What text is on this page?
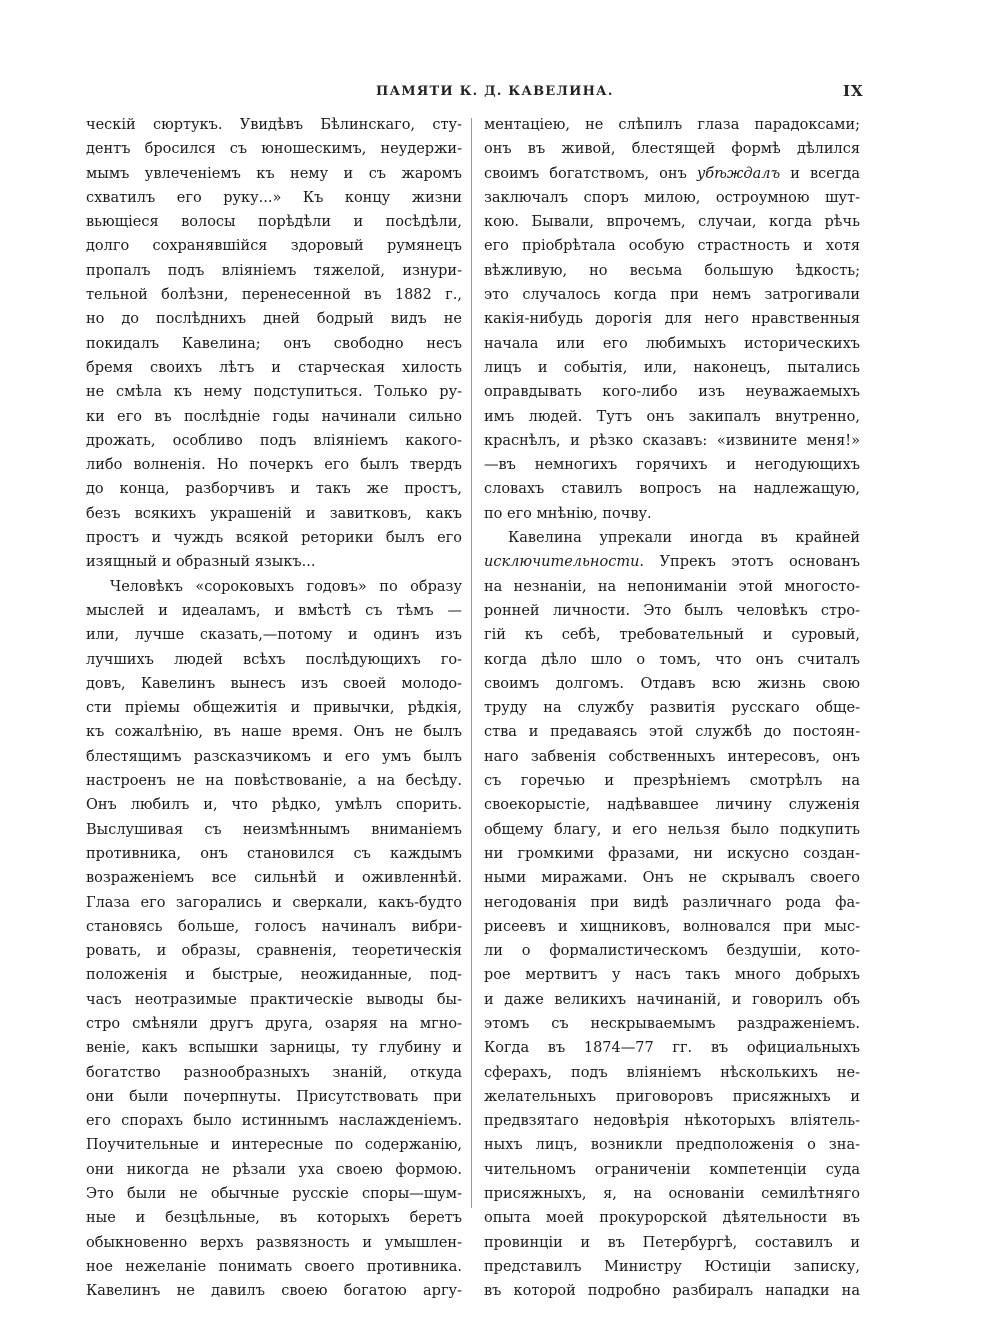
ПАМЯТИ К. Д. КАВЕЛИНА.	IX
ческій сюртукъ. Увидѣвъ Бѣлинскаго, сту-
дентъ бросился съ юношескимъ, неудержи-
мымъ увлеченіемъ къ нему и съ жаромъ
схватилъ его руку...» Къ концу жизни
вьющіеся волосы порѣдѣли и посѣдѣли,
долго сохранявшійся здоровый румянецъ
пропалъ подъ вліяніемъ тяжелой, изнури-
тельной болѣзни, перенесенной въ 1882 г.,
но до послѣднихъ дней бодрый видъ не
покидалъ Кавелина; онъ свободно несъ
бремя своихъ лѣтъ и старческая хилость
не смѣла къ нему подступиться. Только ру-
ки его въ послѣдніе годы начинали сильно
дрожать, особливо подъ вліяніемъ какого-
либо волненія. Но почеркъ его былъ твердъ
до конца, разборчивъ и такъ же простъ,
безъ всякихъ украшеній и завитковъ, какъ
простъ и чуждъ всякой ретoрики былъ его
изящный и образный языкъ...
Человѣкъ «сороковыхъ годовъ» по образу
мыслей и идеаламъ, и вмѣстѣ съ тѣмъ —
или, лучше сказать,—потому и одинъ изъ
лучшихъ людей всѣхъ послѣдующихъ го-
довъ, Кавелинъ вынесъ изъ своей молодо-
сти пріемы общежитія и привычки, рѣдкія,
къ сожалѣнію, въ наше время. Онъ не былъ
блестящимъ разсказчикомъ и его умъ былъ
настроенъ не на повѣствованіе, а на бесѣду.
Онъ любилъ и, что рѣдко, умѣлъ спорить.
Выслушивая съ неизмѣннымъ вниманіемъ
противника, онъ становился съ каждымъ
возраженіемъ все сильнѣй и оживленнѣй.
Глаза его загорались и сверкали, какъ-будто
становясь больше, голосъ начиналъ вибри-
ровать, и образы, сравненія, теоретическія
положенія и быстрые, неожиданные, под-
часъ неотразимые практическіе выводы бы-
стро смѣняли другъ друга, озаряя на мгно-
веніе, какъ вспышки зарницы, ту глубину и
богатство разнообразныхъ знаній, откуда
они были почерпнуты. Присутствовать при
его спорахъ было истиннымъ наслажденіемъ.
Поучительные и интересные по содержанію,
они никогда не рѣзали уха своею формою.
Это были не обычные русскіе споры—шум-
ные и безцѣльные, въ которыхъ беретъ
обыкновенно верхъ развязность и умышлен-
ное нежеланіе понимать своего противника.
Кавелинъ не давилъ своею богатою аргу-
ментаціею, не слѣпилъ глаза парадоксами;
онъ въ живой, блестящей формѣ дѣлился
своимъ богатствомъ, онъ убѣждалъ и всегда
заключалъ споръ милою, остроумною шут-
кою. Бывали, впрочемъ, случаи, когда рѣчь
его пріобрѣтала особую страстность и хотя
вѣжливую, но весьма большую ѣдкость;
это случалось когда при немъ затрогивали
какія-нибудь дорогія для него нравственныя
начала или его любимыхъ историческихъ
лицъ и событія, или, наконецъ, пытались
оправдывать кого-либо изъ неуважаемыхъ
имъ людей. Тутъ онъ закипалъ внутренно,
краснѣлъ, и рѣзко сказавъ: «извините меня!»
—въ немногихъ горячихъ и негодующихъ
словахъ ставилъ вопросъ на надлежащую,
по его мнѣнію, почву.
Кавелина упрекали иногда въ крайней
исключительности. Упрекъ этотъ основанъ
на незнаніи, на непониманіи этой многосто-
ронней личности. Это былъ человѣкъ стро-
гій къ себѣ, требовательный и суровый,
когда дѣло шло о томъ, что онъ считалъ
своимъ долгомъ. Отдавъ всю жизнь свою
труду на службу развитія русскаго обще-
ства и предаваясь этой службѣ до постоян-
наго забвенія собственныхъ интересовъ, онъ
съ горечью и презрѣніемъ смотрѣлъ на
своекорыстіе, надѣвавшее личину служенія
общему благу, и его нельзя было подкупить
ни громкими фразами, ни искусно создан-
ными миражами. Онъ не скрывалъ своего
негодованія при видѣ различнаго рода фа-
рисеевъ и хищниковъ, волновался при мыс-
ли о формалистическомъ бездушіи, кото-
рое мертвитъ у насъ такъ много добрыхъ
и даже великихъ начинаній, и говорилъ объ
этомъ съ нескрываемымъ раздраженіемъ.
Когда въ 1874—77 гг. въ официальныхъ
сферахъ, подъ вліяніемъ нѣсколькихъ не-
желательныхъ приговоровъ присяжныхъ и
предвзятаго недовѣрія нѣкоторыхъ вліятель-
ныхъ лицъ, возникли предположенія о зна-
чительномъ ограниченіи компетенціи суда
присяжныхъ, я, на основаніи семилѣтняго
опыта моей прокурорской дѣятельности въ
провинціи и въ Петербургѣ, составилъ и
представилъ Министру Юстиціи записку,
въ которой подробно разбиралъ нападки на
